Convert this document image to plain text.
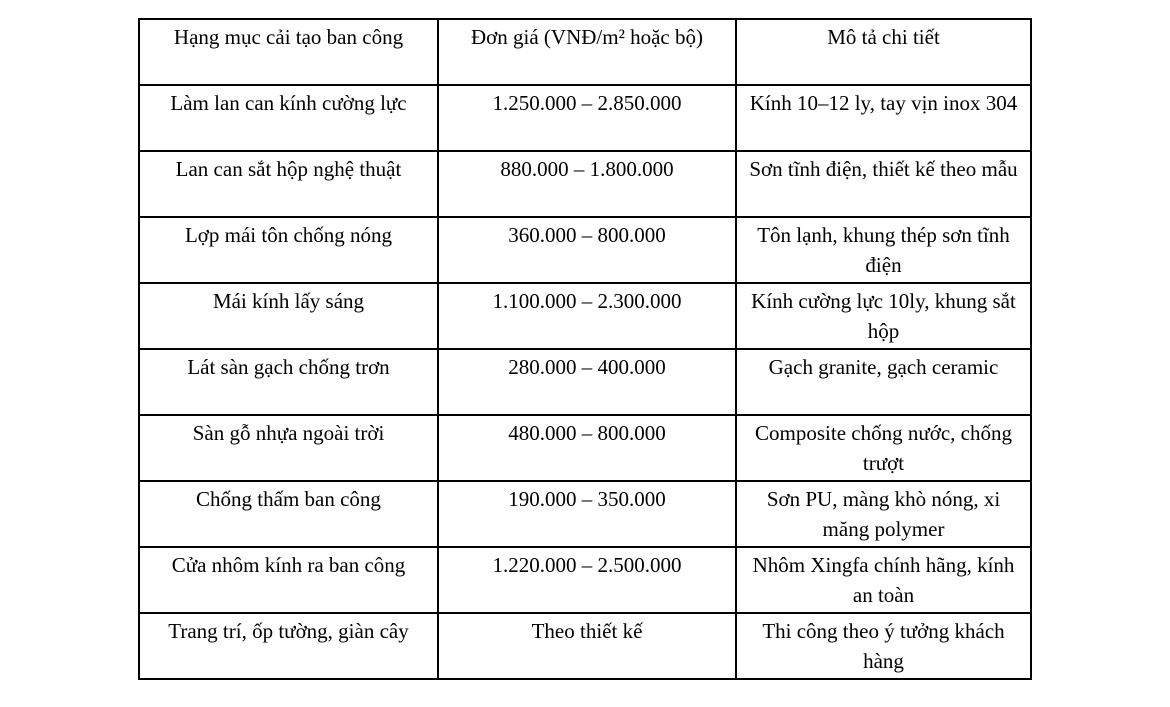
Hạng mục cải tạo ban công	Đơn giá (VNĐ/m² hoặc bộ)	Mô tả chi tiết
Làm lan can kính cường lực	1.250.000 – 2.850.000	Kính 10–12 ly, tay vịn inox 304
Lan can sắt hộp nghệ thuật	880.000 – 1.800.000	Sơn tĩnh điện, thiết kế theo mẫu
Lợp mái tôn chống nóng	360.000 – 800.000	Tôn lạnh, khung thép sơn tĩnh điện
Mái kính lấy sáng	1.100.000 – 2.300.000	Kính cường lực 10ly, khung sắt hộp
Lát sàn gạch chống trơn	280.000 – 400.000	Gạch granite, gạch ceramic
Sàn gỗ nhựa ngoài trời	480.000 – 800.000	Composite chống nước, chống trượt
Chống thấm ban công	190.000 – 350.000	Sơn PU, màng khò nóng, xi măng polymer
Cửa nhôm kính ra ban công	1.220.000 – 2.500.000	Nhôm Xingfa chính hãng, kính an toàn
Trang trí, ốp tường, giàn cây	Theo thiết kế	Thi công theo ý tưởng khách hàng
